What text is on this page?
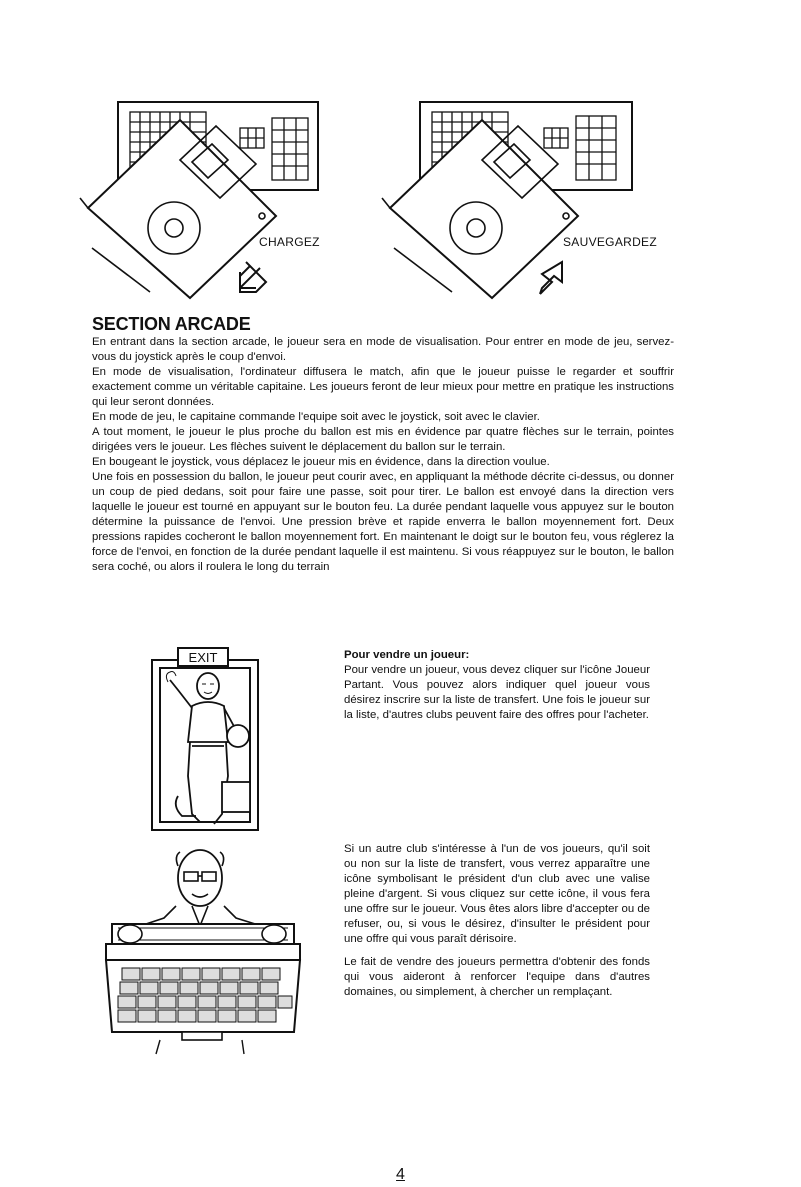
CHARGEZ	SAUVEGARDEZ
SECTION ARCADE

En entrant dans la section arcade, le joueur sera en mode de visualisation. Pour entrer en mode de jeu, servez-vous du joystick après le coup d'envoi.

En mode de visualisation, l'ordinateur diffusera le match, afin que le joueur puisse le regarder et souffrir exactement comme un véritable capitaine. Les joueurs feront de leur mieux pour mettre en pratique les instructions qui leur seront données.

En mode de jeu, le capitaine commande l'equipe soit avec le joystick, soit avec le clavier.

A tout moment, le joueur le plus proche du ballon est mis en évidence par quatre flèches sur le terrain, pointes dirigées vers le joueur. Les flèches suivent le déplacement du ballon sur le terrain.

En bougeant le joystick, vous déplacez le joueur mis en évidence, dans la direction voulue.

Une fois en possession du ballon, le joueur peut courir avec, en appliquant la méthode décrite ci-dessus, ou donner un coup de pied dedans, soit pour faire une passe, soit pour tirer. Le ballon est envoyé dans la direction vers laquelle le joueur est tourné en appuyant sur le bouton feu. La durée pendant laquelle vous appuyez sur le bouton détermine la puissance de l'envoi. Une pression brève et rapide enverra le ballon moyennement fort. Deux pressions rapides cocheront le ballon moyennement fort. En maintenant le doigt sur le bouton feu, vous réglerez la force de l'envoi, en fonction de la durée pendant laquelle il est maintenu. Si vous réappuyez sur le bouton, le ballon sera coché, ou alors il roulera le long du terrain

EXIT	Pour vendre un joueur:

Pour vendre un joueur, vous devez cliquer sur l'icône Joueur Partant. Vous pouvez alors indiquer quel joueur vous désirez inscrire sur la liste de transfert. Une fois le joueur sur la liste, d'autres clubs peuvent faire des offres pour l'acheter.

Si un autre club s'intéresse à l'un de vos joueurs, qu'il soit ou non sur la liste de transfert, vous verrez apparaître une icône symbolisant le président d'un club avec une valise pleine d'argent. Si vous cliquez sur cette icône, il vous fera une offre sur le joueur. Vous êtes alors libre d'accepter ou de refuser, ou, si vous le désirez, d'insulter le président pour une offre qui vous paraît dérisoire.

Le fait de vendre des joueurs permettra d'obtenir des fonds qui vous aideront à renforcer l'equipe dans d'autres domaines, ou simplement, à chercher un remplaçant.

4
